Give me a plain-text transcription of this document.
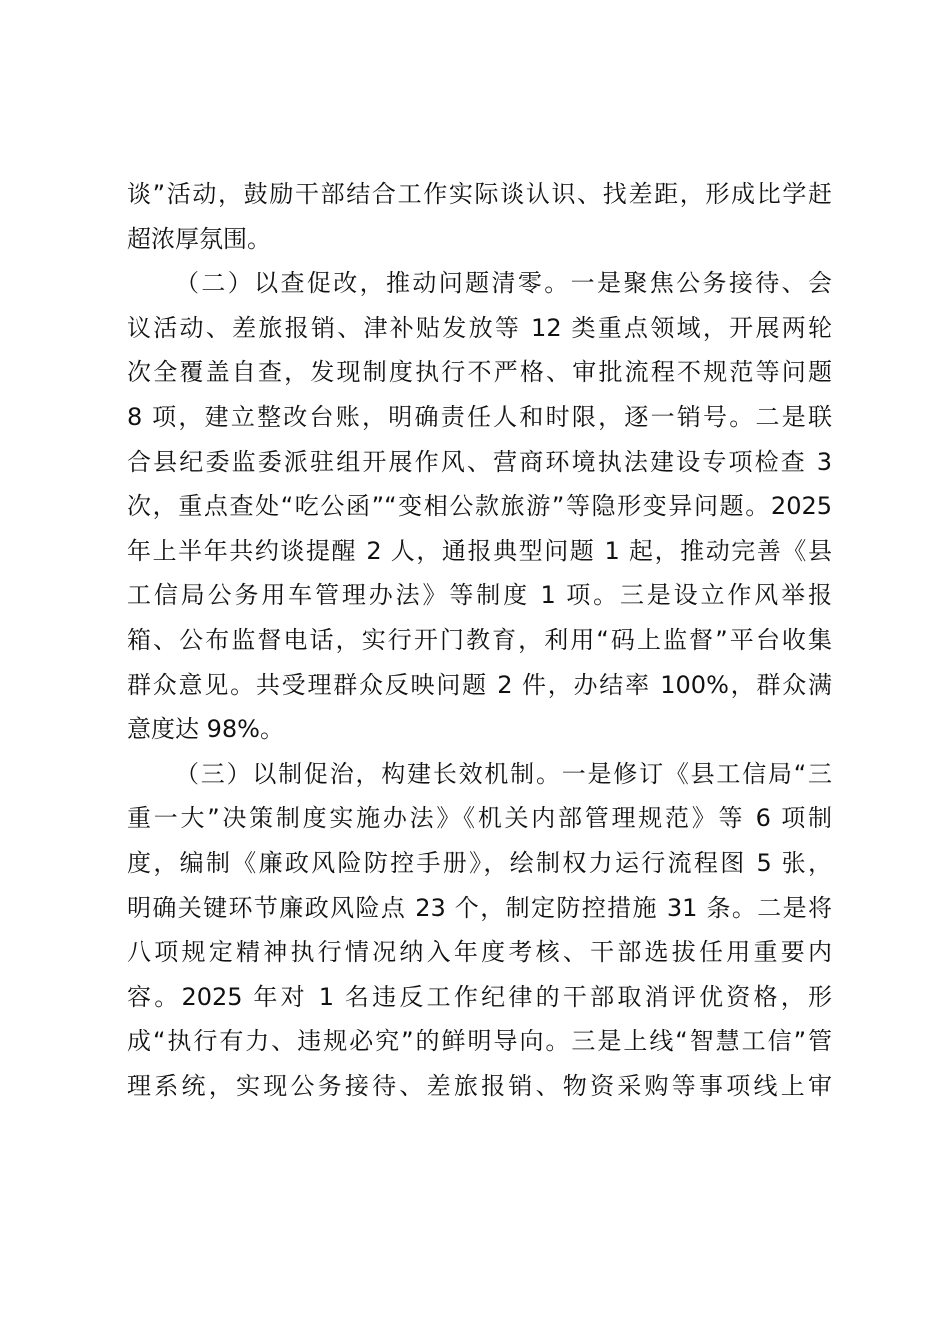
谈”活动，鼓励干部结合工作实际谈认识、找差距，形成比学赶
超浓厚氛围。
（二）以查促改，推动问题清零。一是聚焦公务接待、会
议活动、差旅报销、津补贴发放等 12 类重点领域，开展两轮
次全覆盖自查，发现制度执行不严格、审批流程不规范等问题
8 项，建立整改台账，明确责任人和时限，逐一销号。二是联
合县纪委监委派驻组开展作风、营商环境执法建设专项检查 3
次，重点查处“吃公函”“变相公款旅游”等隐形变异问题。2025
年上半年共约谈提醒 2 人，通报典型问题 1 起，推动完善《县
工信局公务用车管理办法》等制度 1 项。三是设立作风举报
箱、公布监督电话，实行开门教育，利用“码上监督”平台收集
群众意见。共受理群众反映问题 2 件，办结率 100%，群众满
意度达 98%。
（三）以制促治，构建长效机制。一是修订《县工信局“三
重一大”决策制度实施办法》《机关内部管理规范》等 6 项制
度，编制《廉政风险防控手册》，绘制权力运行流程图 5 张，
明确关键环节廉政风险点 23 个，制定防控措施 31 条。二是将
八项规定精神执行情况纳入年度考核、干部选拔任用重要内
容。2025 年对 1 名违反工作纪律的干部取消评优资格，形
成“执行有力、违规必究”的鲜明导向。三是上线“智慧工信”管
理系统，实现公务接待、差旅报销、物资采购等事项线上审
